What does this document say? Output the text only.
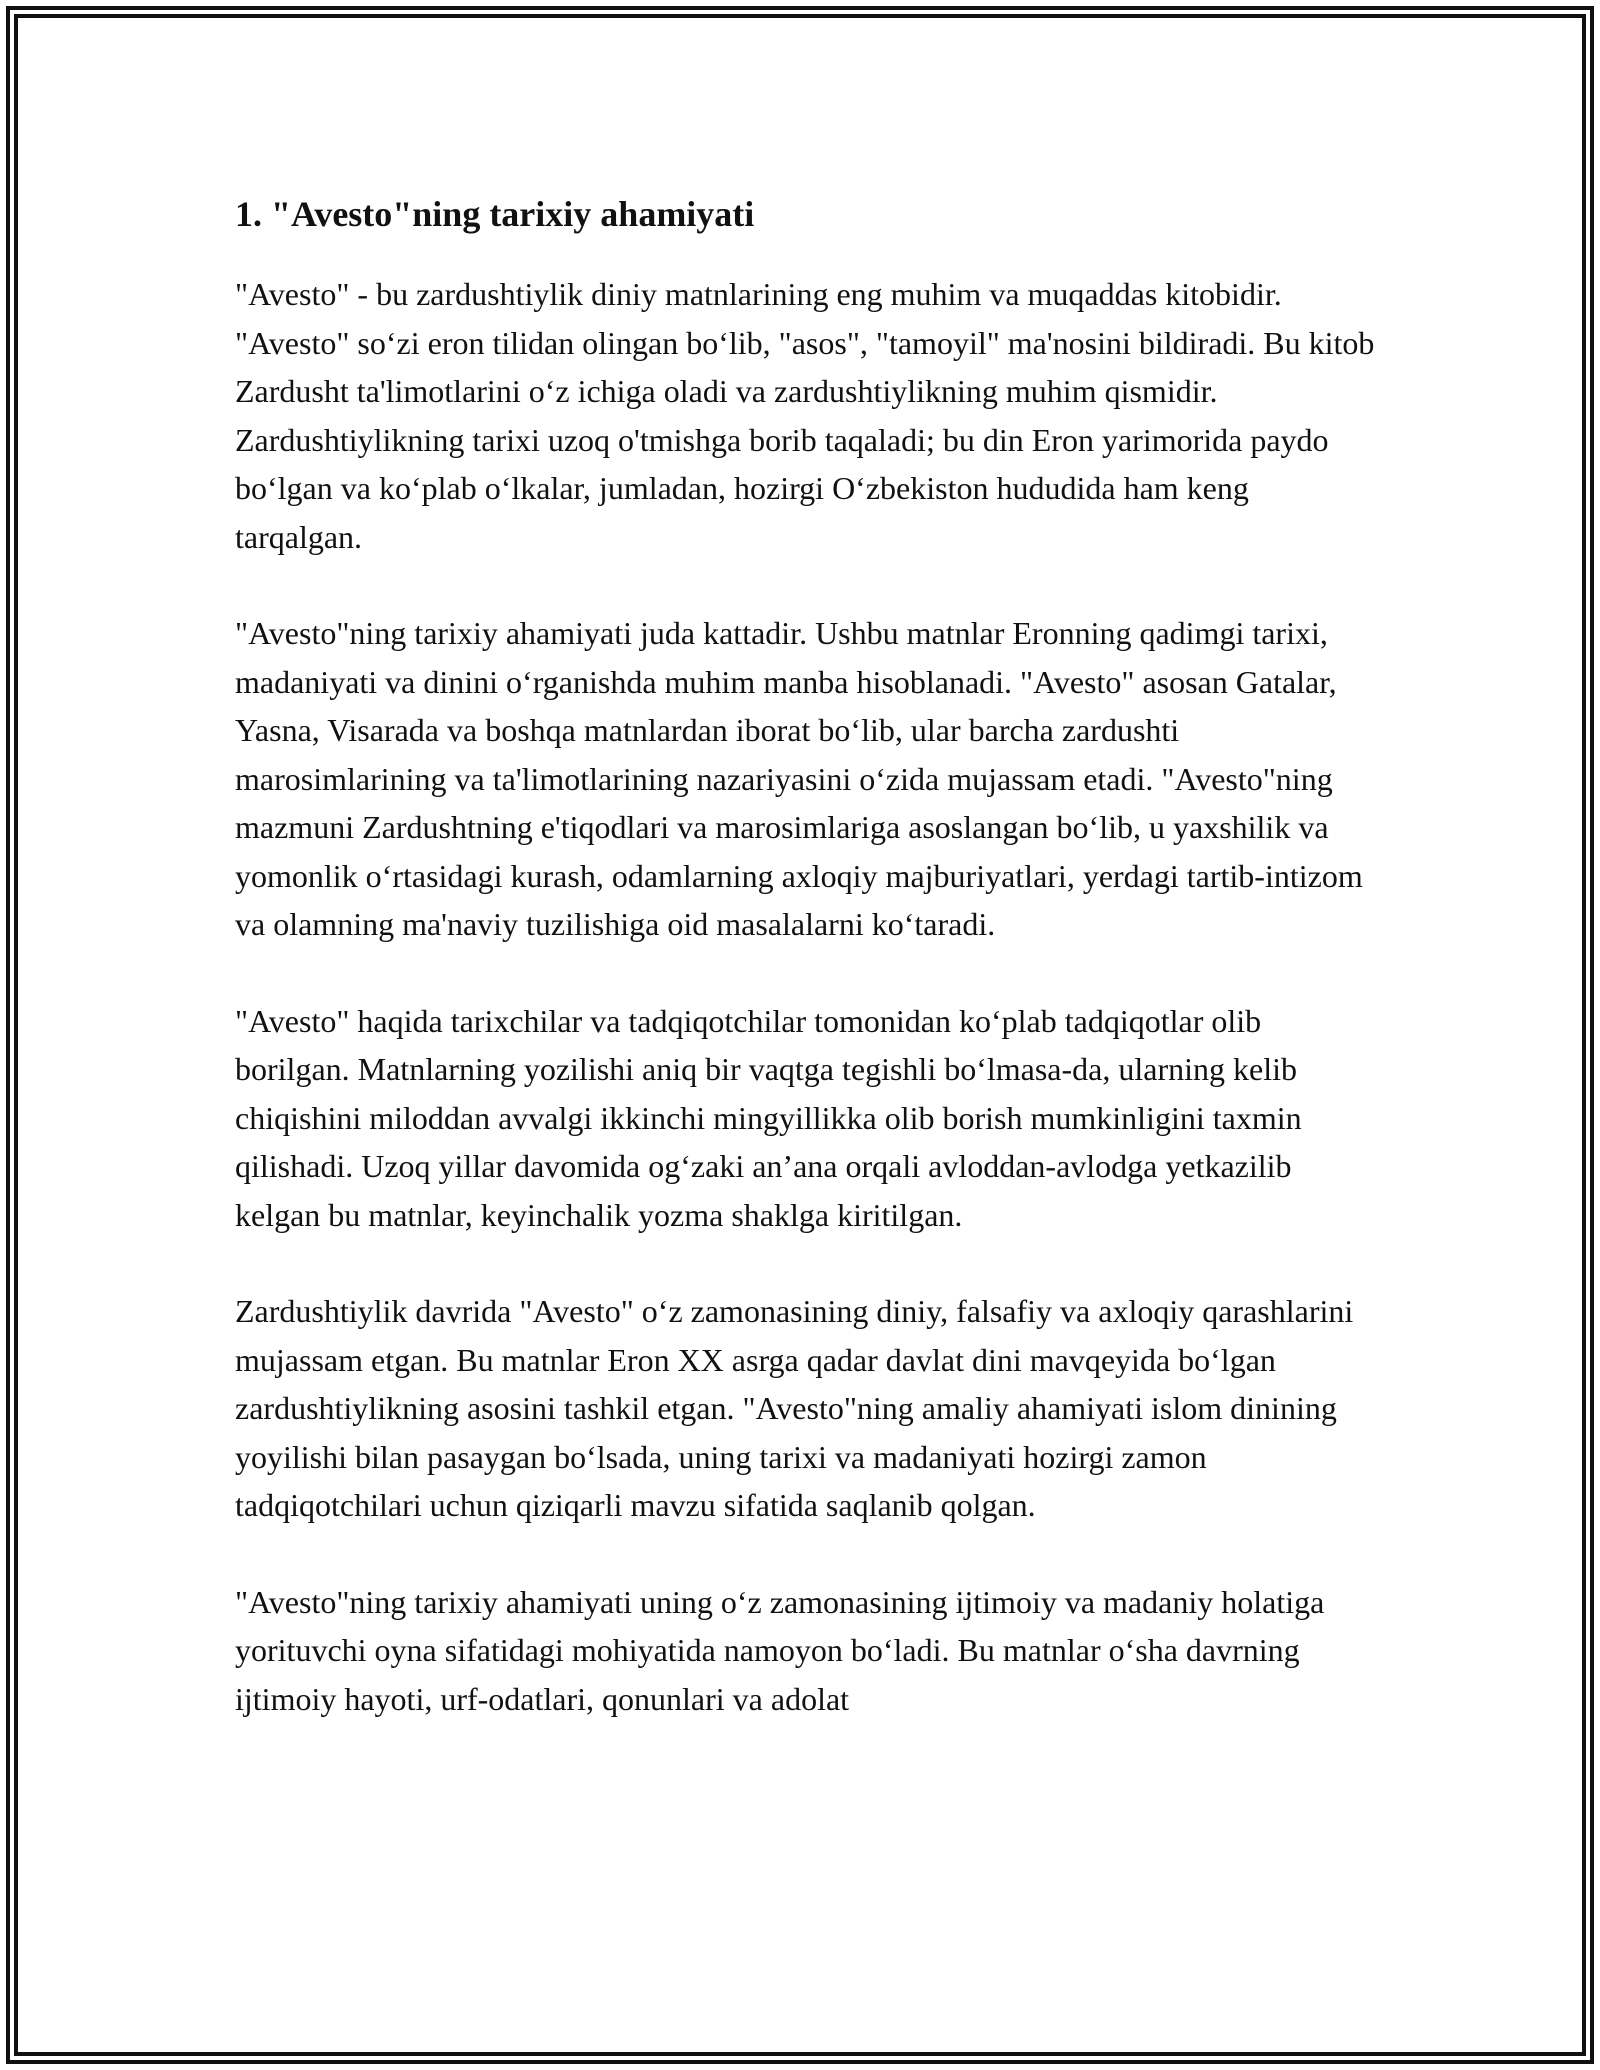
1. "Avesto"ning tarixiy ahamiyati

"Avesto" - bu zardushtiylik diniy matnlarining eng muhim va muqaddas kitobidir. "Avesto" so‘zi eron tilidan olingan bo‘lib, "asos", "tamoyil" ma'nosini bildiradi. Bu kitob Zardusht ta'limotlarini o‘z ichiga oladi va zardushtiylikning muhim qismidir. Zardushtiylikning tarixi uzoq o'tmishga borib taqaladi; bu din Eron yarimorida paydo bo‘lgan va ko‘plab o‘lkalar, jumladan, hozirgi O‘zbekiston hududida ham keng tarqalgan.

"Avesto"ning tarixiy ahamiyati juda kattadir. Ushbu matnlar Eronning qadimgi tarixi, madaniyati va dinini o‘rganishda muhim manba hisoblanadi. "Avesto" asosan Gatalar, Yasna, Visarada va boshqa matnlardan iborat bo‘lib, ular barcha zardushti marosimlarining va ta'limotlarining nazariyasini o‘zida mujassam etadi. "Avesto"ning mazmuni Zardushtning e'tiqodlari va marosimlariga asoslangan bo‘lib, u yaxshilik va yomonlik o‘rtasidagi kurash, odamlarning axloqiy majburiyatlari, yerdagi tartib-intizom va olamning ma'naviy tuzilishiga oid masalalarni ko‘taradi.

"Avesto" haqida tarixchilar va tadqiqotchilar tomonidan ko‘plab tadqiqotlar olib borilgan. Matnlarning yozilishi aniq bir vaqtga tegishli bo‘lmasa-da, ularning kelib chiqishini miloddan avvalgi ikkinchi mingyillikka olib borish mumkinligini taxmin qilishadi. Uzoq yillar davomida og‘zaki an’ana orqali avloddan-avlodga yetkazilib kelgan bu matnlar, keyinchalik yozma shaklga kiritilgan.

Zardushtiylik davrida "Avesto" o‘z zamonasining diniy, falsafiy va axloqiy qarashlarini mujassam etgan. Bu matnlar Eron XX asrga qadar davlat dini mavqeyida bo‘lgan zardushtiylikning asosini tashkil etgan. "Avesto"ning amaliy ahamiyati islom dinining yoyilishi bilan pasaygan bo‘lsada, uning tarixi va madaniyati hozirgi zamon tadqiqotchilari uchun qiziqarli mavzu sifatida saqlanib qolgan.

"Avesto"ning tarixiy ahamiyati uning o‘z zamonasining ijtimoiy va madaniy holatiga yorituvchi oyna sifatidagi mohiyatida namoyon bo‘ladi. Bu matnlar o‘sha davrning ijtimoiy hayoti, urf-odatlari, qonunlari va adolat
